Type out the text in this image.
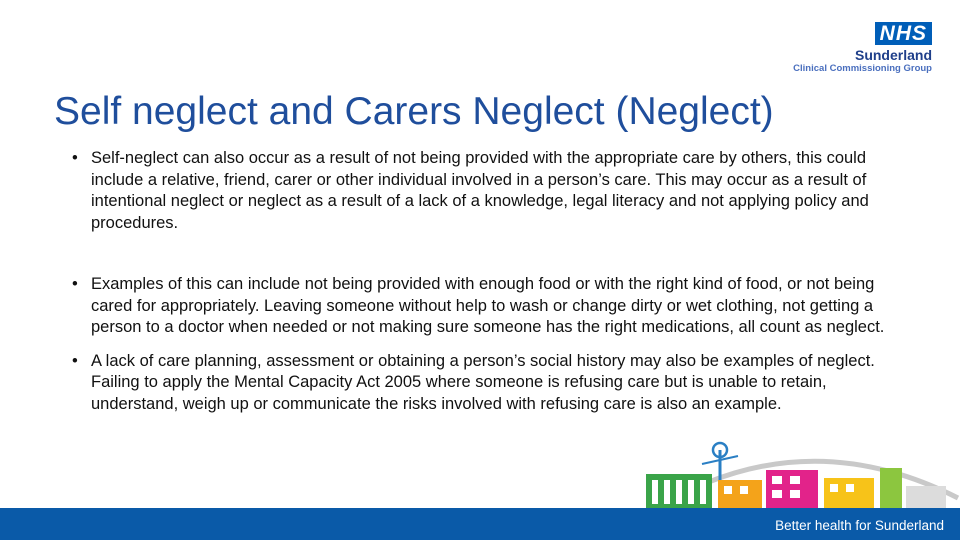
NHS
Sunderland
Clinical Commissioning Group
Self neglect and Carers Neglect (Neglect)
• Self-neglect can also occur as a result of not being provided with the appropriate care by others, this could include a relative, friend, carer or other individual involved in a person’s care. This may occur as a result of intentional neglect or neglect as a result of a lack of a knowledge, legal literacy and not applying policy and procedures.
• Examples of this can include not being provided with enough food or with the right kind of food, or not being cared for appropriately. Leaving someone without help to wash or change dirty or wet clothing, not getting a person to a doctor when needed or not making sure someone has the right medications, all count as neglect.
• A lack of care planning, assessment or obtaining a person’s social history may also be examples of neglect. Failing to apply the Mental Capacity Act 2005 where someone is refusing care but is unable to retain, understand, weigh up or communicate the risks involved with refusing care is also an example.
Better health for Sunderland
